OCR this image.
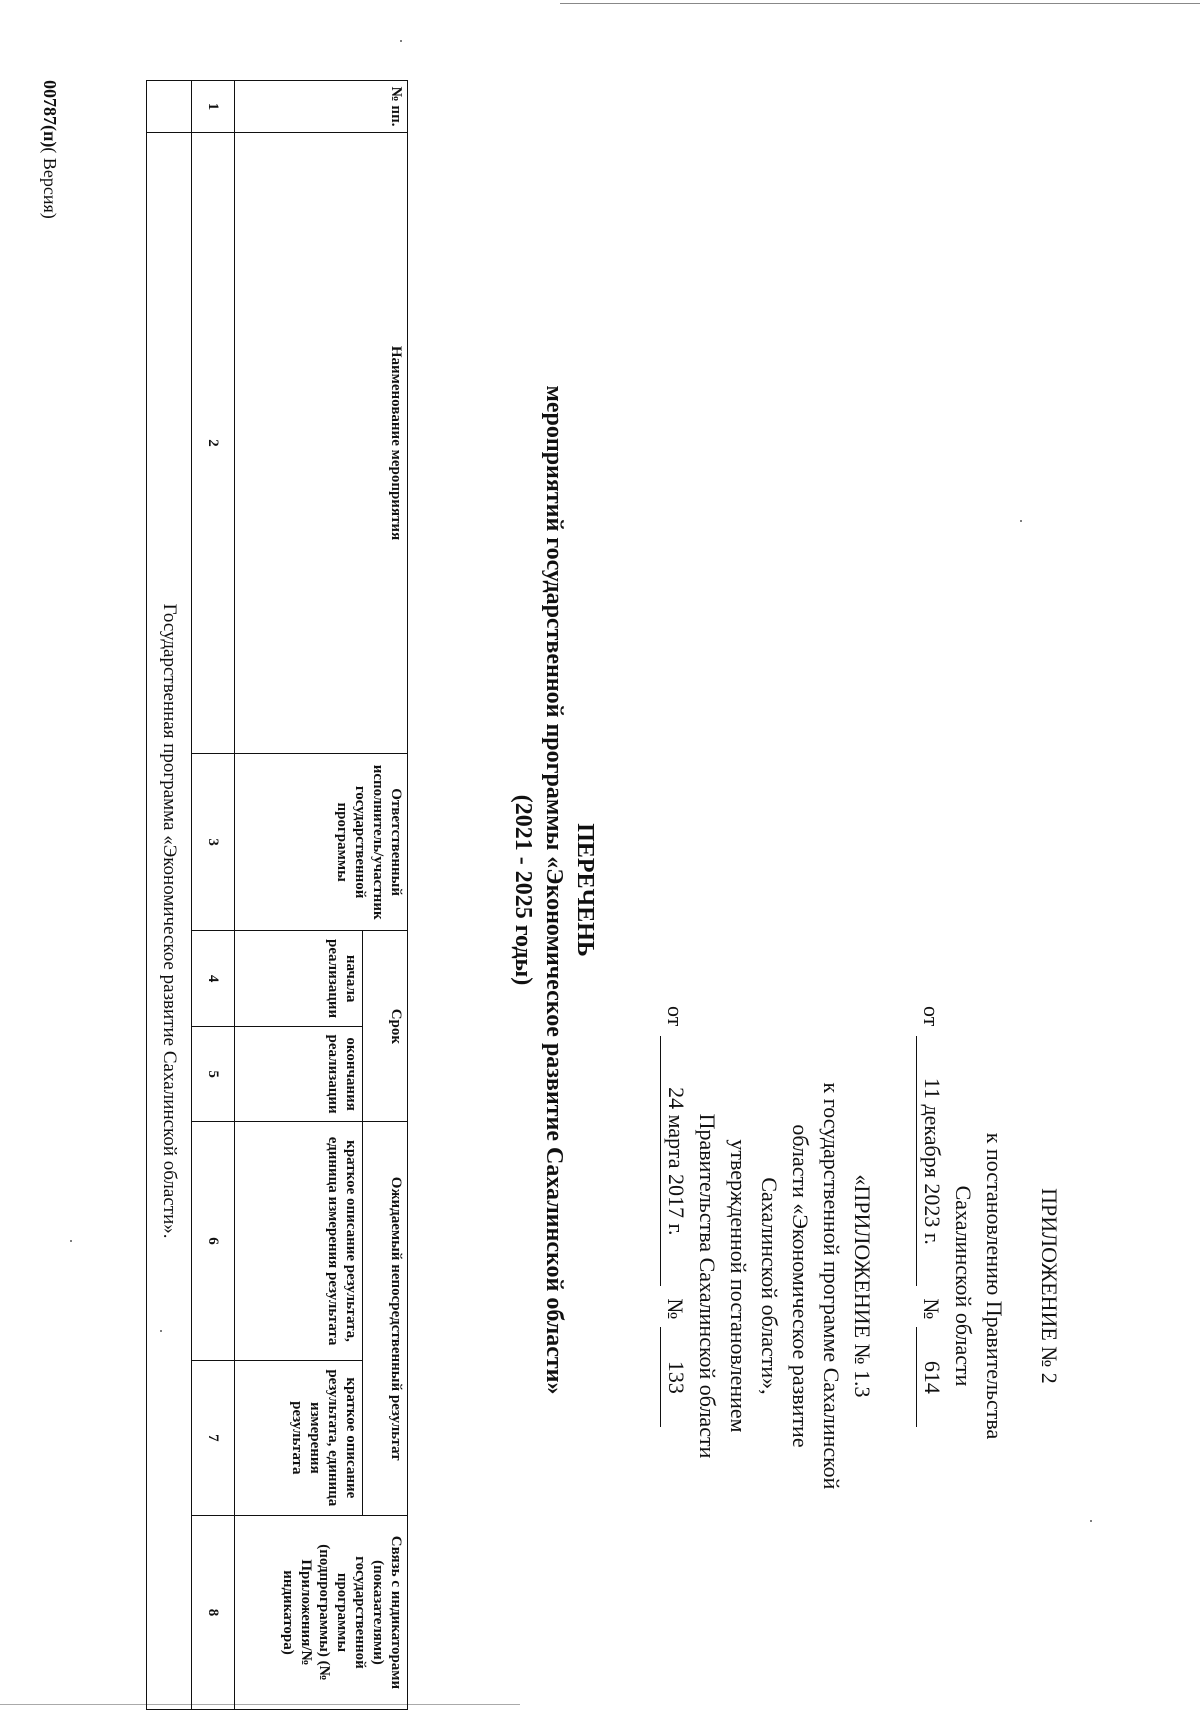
ПРИЛОЖЕНИЕ № 2
к постановлению Правительства
Сахалинской области
от
11 декабря 2023 г.
№
614
«ПРИЛОЖЕНИЕ № 1.3
к государственной программе Сахалинской
области «Экономическое развитие
Сахалинской области»,
утвержденной постановлением
Правительства Сахалинской области
от
24 марта 2017 г.
№
133
ПЕРЕЧЕНЬ
мероприятий государственной программы «Экономическое развитие Сахалинской области»
(2021 - 2025 годы)
№ пп.	Наименование мероприятия	Ответственный исполнитель/участник государственной программы	Срок		Ожидаемый непосредственный результат		Связь с индикаторами (показателями) государственной программы (подпрограммы) (№ Приложения/№ индикатора)
			начала реализации	окончания реализации	краткое описание результата, единица измерения результата	краткое описание результата, единица измерения результата	
1	2	3	4	5	6	7	8
	Государственная программа «Экономическое развитие Сахалинской области».						
00787(п)( Версия)
